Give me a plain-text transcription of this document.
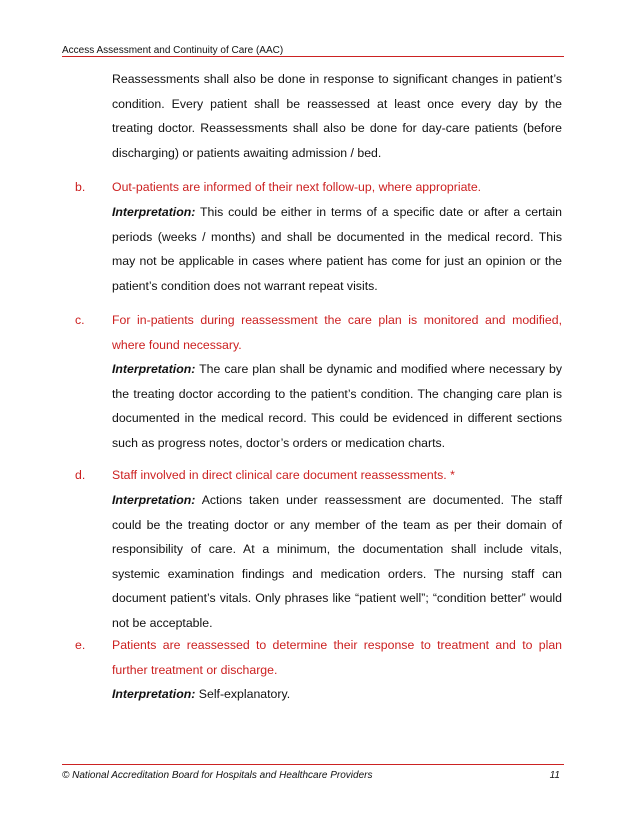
Access Assessment and Continuity of Care (AAC)

Reassessments shall also be done in response to significant changes in patient’s condition. Every patient shall be reassessed at least once every day by the treating doctor. Reassessments shall also be done for day-care patients (before discharging) or patients awaiting admission / bed.

b. Out-patients are informed of their next follow-up, where appropriate.

Interpretation: This could be either in terms of a specific date or after a certain periods (weeks / months) and shall be documented in the medical record. This may not be applicable in cases where patient has come for just an opinion or the patient’s condition does not warrant repeat visits.

c. For in-patients during reassessment the care plan is monitored and modified, where found necessary.

Interpretation: The care plan shall be dynamic and modified where necessary by the treating doctor according to the patient’s condition. The changing care plan is documented in the medical record. This could be evidenced in different sections such as progress notes, doctor’s orders or medication charts.

d. Staff involved in direct clinical care document reassessments. *

Interpretation: Actions taken under reassessment are documented. The staff could be the treating doctor or any member of the team as per their domain of responsibility of care. At a minimum, the documentation shall include vitals, systemic examination findings and medication orders. The nursing staff can document patient’s vitals. Only phrases like “patient well”; “condition better” would not be acceptable.

e. Patients are reassessed to determine their response to treatment and to plan further treatment or discharge.

Interpretation: Self-explanatory.

© National Accreditation Board for Hospitals and Healthcare Providers	11
